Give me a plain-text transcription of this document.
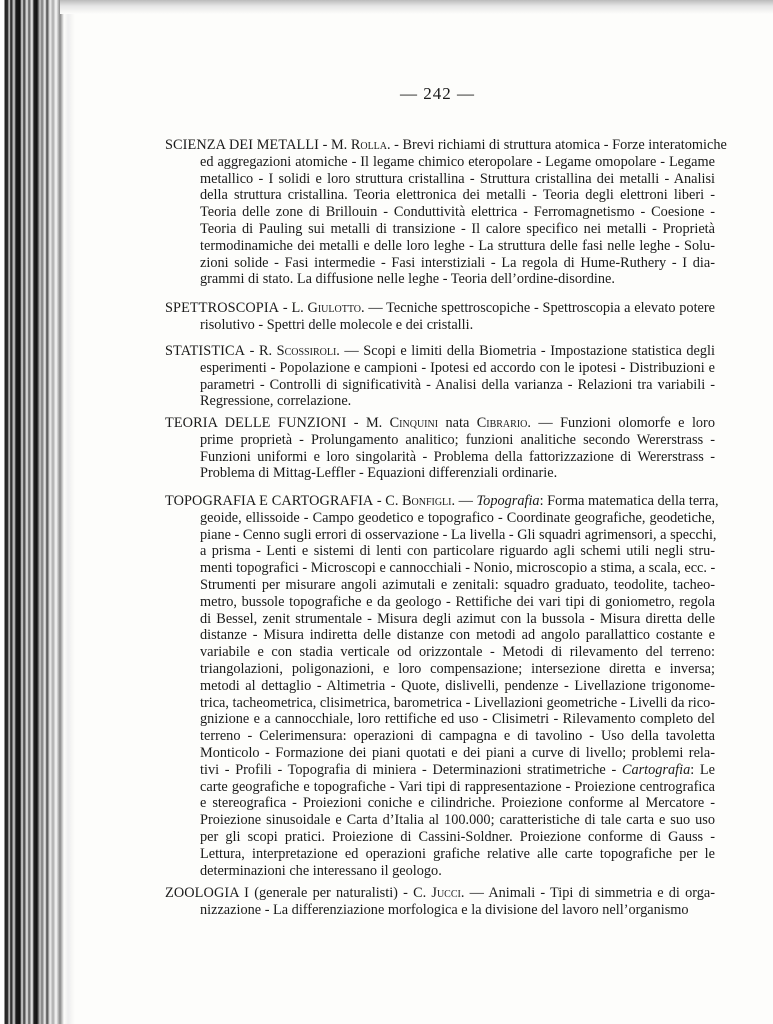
— 242 —
SCIENZA DEI METALLI - M. Rolla. - Brevi richiami di struttura atomica - Forze interatomiche
ed aggregazioni atomiche - Il legame chimico eteropolare - Legame omopolare - Legame
metallico - I solidi e loro struttura cristallina - Struttura cristallina dei metalli - Analisi
della struttura cristallina. Teoria elettronica dei metalli - Teoria degli elettroni liberi -
Teoria delle zone di Brillouin - Conduttività elettrica - Ferromagnetismo - Coesione -
Teoria di Pauling sui metalli di transizione - Il calore specifico nei metalli - Proprietà
termodinamiche dei metalli e delle loro leghe - La struttura delle fasi nelle leghe - Solu-
zioni solide - Fasi intermedie - Fasi interstiziali - La regola di Hume-Ruthery - I dia-
grammi di stato. La diffusione nelle leghe - Teoria dell’ordine-disordine.
SPETTROSCOPIA - L. Giulotto. — Tecniche spettroscopiche - Spettroscopia a elevato potere
risolutivo - Spettri delle molecole e dei cristalli.
STATISTICA - R. Scossiroli. — Scopi e limiti della Biometria - Impostazione statistica degli
esperimenti - Popolazione e campioni - Ipotesi ed accordo con le ipotesi - Distribuzioni e
parametri - Controlli di significatività - Analisi della varianza - Relazioni tra variabili -
Regressione, correlazione.
TEORIA DELLE FUNZIONI - M. Cinquini nata Cibrario. — Funzioni olomorfe e loro
prime proprietà - Prolungamento analitico; funzioni analitiche secondo Wererstrass -
Funzioni uniformi e loro singolarità - Problema della fattorizzazione di Wererstrass -
Problema di Mittag-Leffler - Equazioni differenziali ordinarie.
TOPOGRAFIA E CARTOGRAFIA - C. Bonfigli. — Topografia: Forma matematica della terra,
geoide, ellissoide - Campo geodetico e topografico - Coordinate geografiche, geodetiche,
piane - Cenno sugli errori di osservazione - La livella - Gli squadri agrimensori, a specchi,
a prisma - Lenti e sistemi di lenti con particolare riguardo agli schemi utili negli stru-
menti topografici - Microscopi e cannocchiali - Nonio, microscopio a stima, a scala, ecc. -
Strumenti per misurare angoli azimutali e zenitali: squadro graduato, teodolite, tacheo-
metro, bussole topografiche e da geologo - Rettifiche dei vari tipi di goniometro, regola
di Bessel, zenit strumentale - Misura degli azimut con la bussola - Misura diretta delle
distanze - Misura indiretta delle distanze con metodi ad angolo parallattico costante e
variabile e con stadia verticale od orizzontale - Metodi di rilevamento del terreno:
triangolazioni, poligonazioni, e loro compensazione; intersezione diretta e inversa;
metodi al dettaglio - Altimetria - Quote, dislivelli, pendenze - Livellazione trigonome-
trica, tacheometrica, clisimetrica, barometrica - Livellazioni geometriche - Livelli da rico-
gnizione e a cannocchiale, loro rettifiche ed uso - Clisimetri - Rilevamento completo del
terreno - Celerimensura: operazioni di campagna e di tavolino - Uso della tavoletta
Monticolo - Formazione dei piani quotati e dei piani a curve di livello; problemi rela-
tivi - Profili - Topografia di miniera - Determinazioni stratimetriche - Cartografia: Le
carte geografiche e topografiche - Vari tipi di rappresentazione - Proiezione centrografica
e stereografica - Proiezioni coniche e cilindriche. Proiezione conforme al Mercatore -
Proiezione sinusoidale e Carta d’Italia al 100.000; caratteristiche di tale carta e suo uso
per gli scopi pratici. Proiezione di Cassini-Soldner. Proiezione conforme di Gauss -
Lettura, interpretazione ed operazioni grafiche relative alle carte topografiche per le
determinazioni che interessano il geologo.
ZOOLOGIA I (generale per naturalisti) - C. Jucci. — Animali - Tipi di simmetria e di orga-
nizzazione - La differenziazione morfologica e la divisione del lavoro nell’organismo
